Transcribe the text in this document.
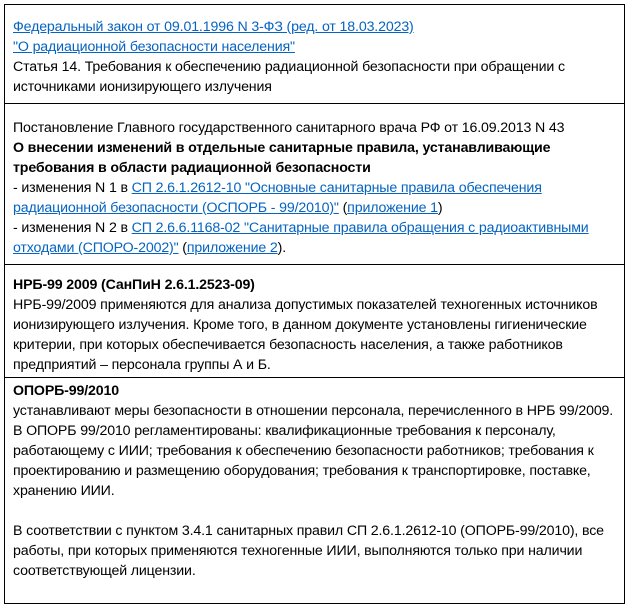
Федеральный закон от 09.01.1996 N 3-ФЗ (ред. от 18.03.2023)
"О радиационной безопасности населения"
Статья 14. Требования к обеспечению радиационной безопасности при обращении с источниками ионизирующего излучения

Постановление Главного государственного санитарного врача РФ от 16.09.2013 N 43
О внесении изменений в отдельные санитарные правила, устанавливающие требования в области радиационной безопасности
- изменения N 1 в СП 2.6.1.2612-10 "Основные санитарные правила обеспечения радиационной безопасности (ОСПОРБ - 99/2010)" (приложение 1)
- изменения N 2 в СП 2.6.6.1168-02 "Санитарные правила обращения с радиоактивными отходами (СПОРО-2002)" (приложение 2).

НРБ-99 2009 (СанПиН 2.6.1.2523-09)
НРБ-99/2009 применяются для анализа допустимых показателей техногенных источников ионизирующего излучения. Кроме того, в данном документе установлены гигиенические критерии, при которых обеспечивается безопасность населения, а также работников предприятий – персонала группы А и Б.

ОПОРБ-99/2010
устанавливают меры безопасности в отношении персонала, перечисленного в НРБ 99/2009.
В ОПОРБ 99/2010 регламентированы: квалификационные требования к персоналу, работающему с ИИИ; требования к обеспечению безопасности работников; требования к проектированию и размещению оборудования; требования к транспортировке, поставке, хранению ИИИ.
В соответствии с пунктом 3.4.1 санитарных правил СП 2.6.1.2612-10 (ОПОРБ-99/2010), все работы, при которых применяются техногенные ИИИ, выполняются только при наличии соответствующей лицензии.
